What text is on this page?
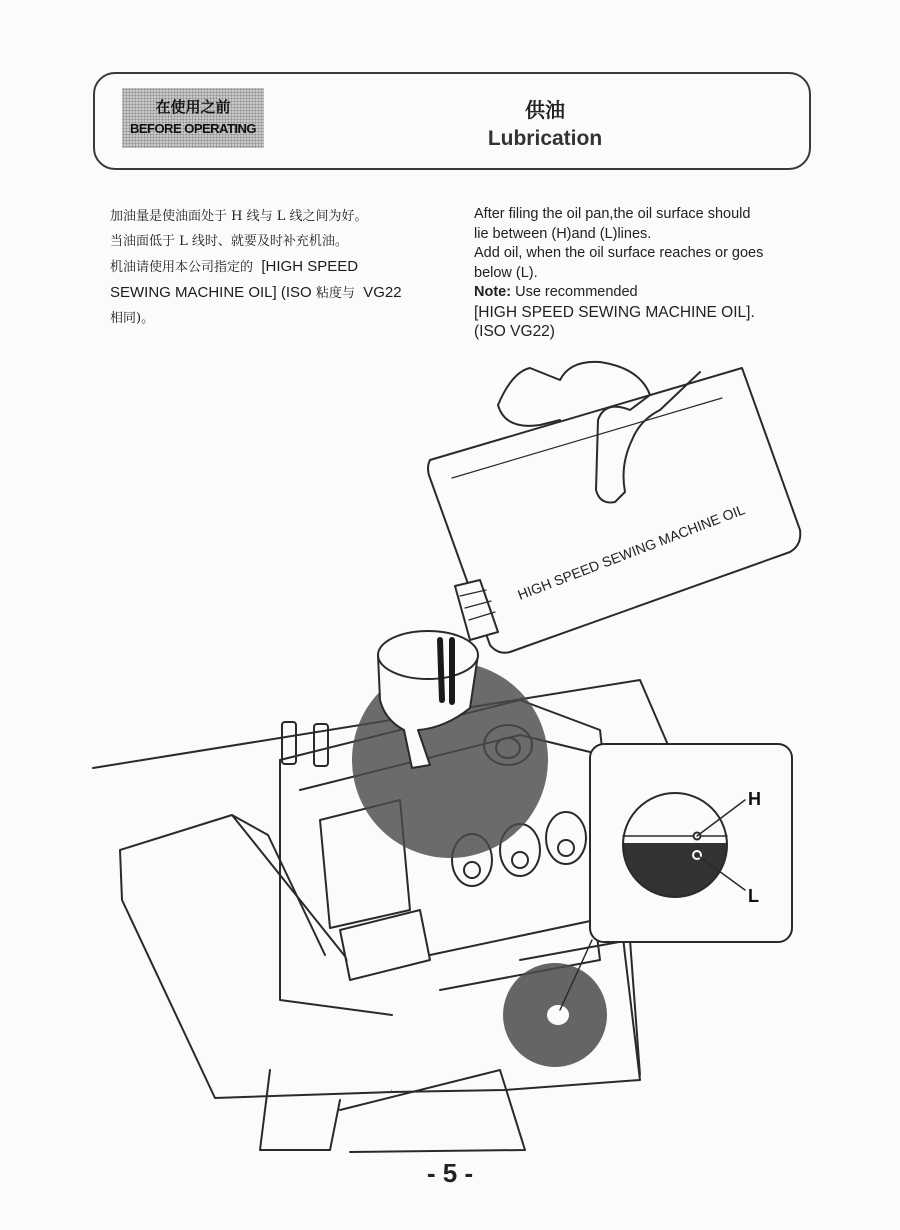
在使用之前
BEFORE OPERATING
供油
Lubrication
加油量是使油面处于 H 线与 L 线之间为好。
当油面低于 L 线时、就要及时补充机油。
机油请使用本公司指定的 [HIGH SPEED
SEWING MACHINE OIL] (ISO 粘度与 VG22
相同)。
After filing the oil pan,the oil surface should
lie between (H)and (L)lines.
Add oil, when the oil surface reaches or goes
below (L).
Note: Use recommended
[HIGH SPEED SEWING MACHINE OIL].
(ISO VG22)
HIGH SPEED SEWING MACHINE OIL
H
L
- 5 -
